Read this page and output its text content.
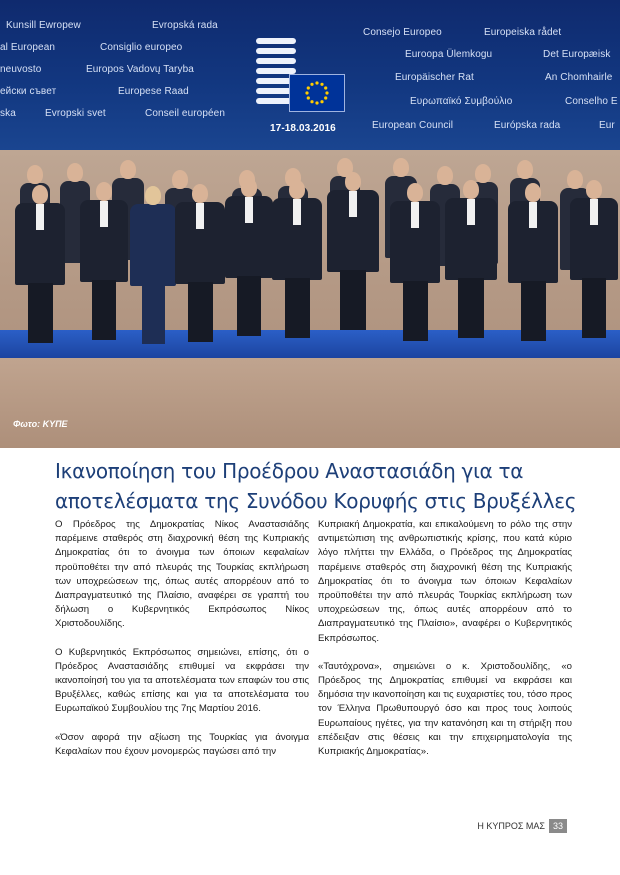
Kunsill Ewropew
al European
neuvosto
ейски съвет
ska
Evropská rada
Consiglio europeo
Europos Vadovų Taryba
Europese Raad
Evropski svet	Conseil européen
17-18.03.2016
Consejo Europeo
Euroopa Ülemkogu
Europäischer Rat
Ευρωπαϊκό Συμβούλιο
European Council
Europeiska rådet
Det Europæisk
An Chomhairle
Conselho E
Európska rada	Eur
Φωτο: ΚΥΠΕ
Ικανοποίηση του Προέδρου Αναστασιάδη για τα αποτελέσματα της Συνόδου Κορυφής στις Βρυξέλλες

Ο Πρόεδρος της Δημοκρατίας Νίκος Αναστασιάδης παρέμεινε σταθερός στη διαχρονική θέση της Κυπριακής Δημοκρατίας ότι το άνοιγμα των όποιων κεφαλαίων προϋποθέτει την από πλευράς της Τουρκίας εκπλήρωση των υποχρεώσεων της, όπως αυτές απορρέουν από το Διαπραγματευτικό της Πλαίσιο, αναφέρει σε γραπτή του δήλωση ο Κυβερνητικός Εκπρόσωπος Νίκος Χριστοδουλίδης.

Ο Κυβερνητικός Εκπρόσωπος σημειώνει, επίσης, ότι ο Πρόεδρος Αναστασιάδης επιθυμεί να εκφράσει την ικανοποίησή του για τα αποτελέσματα των επαφών του στις Βρυξέλλες, καθώς επίσης και για τα αποτελέσματα του Ευρωπαϊκού Συμβουλίου της 7ης Μαρτίου 2016.

«Όσον αφορά την αξίωση της Τουρκίας για άνοιγμα Κεφαλαίων που έχουν μονομερώς παγώσει από την

Κυπριακή Δημοκρατία, και επικαλούμενη το ρόλο της στην αντιμετώπιση της ανθρωπιστικής κρίσης, που κατά κύριο λόγο πλήττει την Ελλάδα, ο Πρόεδρος της Δημοκρατίας παρέμεινε σταθερός στη διαχρονική θέση της Κυπριακής Δημοκρατίας ότι το άνοιγμα των όποιων Κεφαλαίων προϋποθέτει την από πλευράς Τουρκίας εκπλήρωση των υποχρεώσεων της, όπως αυτές απορρέουν από το Διαπραγματευτικό της Πλαίσιο», αναφέρει ο Κυβερνητικός Εκπρόσωπος.

«Ταυτόχρονα», σημειώνει ο κ. Χριστοδουλίδης, «ο Πρόεδρος της Δημοκρατίας επιθυμεί να εκφράσει και δημόσια την ικανοποίηση και τις ευχαριστίες του, τόσο προς τον Έλληνα Πρωθυπουργό όσο και προς τους λοιπούς Ευρωπαίους ηγέτες, για την κατανόηση και τη στήριξη που επέδειξαν στις θέσεις και την επιχειρηματολογία της Κυπριακής Δημοκρατίας».

Η ΚΥΠΡΟΣ ΜΑΣ 33
